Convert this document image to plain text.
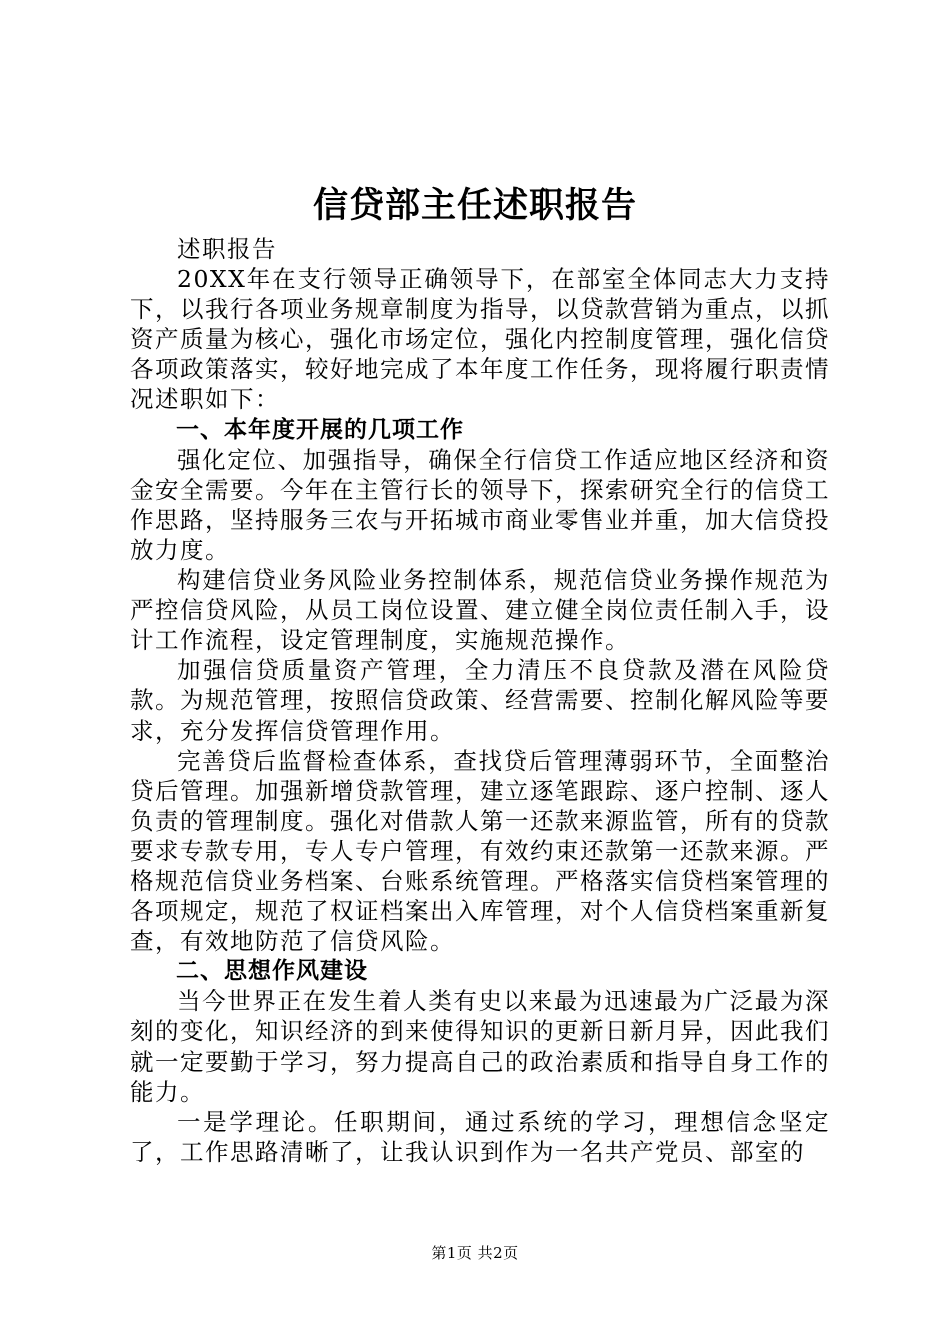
信贷部主任述职报告

述职报告

20XX年在支行领导正确领导下，在部室全体同志大力支持下，以我行各项业务规章制度为指导，以贷款营销为重点，以抓资产质量为核心，强化市场定位，强化内控制度管理，强化信贷各项政策落实，较好地完成了本年度工作任务，现将履行职责情况述职如下：

一、本年度开展的几项工作

强化定位、加强指导，确保全行信贷工作适应地区经济和资金安全需要。今年在主管行长的领导下，探索研究全行的信贷工作思路，坚持服务三农与开拓城市商业零售业并重，加大信贷投放力度。

构建信贷业务风险业务控制体系，规范信贷业务操作规范为严控信贷风险，从员工岗位设置、建立健全岗位责任制入手，设计工作流程，设定管理制度，实施规范操作。

加强信贷质量资产管理，全力清压不良贷款及潜在风险贷款。为规范管理，按照信贷政策、经营需要、控制化解风险等要求，充分发挥信贷管理作用。

完善贷后监督检查体系，查找贷后管理薄弱环节，全面整治贷后管理。加强新增贷款管理，建立逐笔跟踪、逐户控制、逐人负责的管理制度。强化对借款人第一还款来源监管，所有的贷款要求专款专用，专人专户管理，有效约束还款第一还款来源。严格规范信贷业务档案、台账系统管理。严格落实信贷档案管理的各项规定，规范了权证档案出入库管理，对个人信贷档案重新复查，有效地防范了信贷风险。

二、思想作风建设

当今世界正在发生着人类有史以来最为迅速最为广泛最为深刻的变化，知识经济的到来使得知识的更新日新月异，因此我们就一定要勤于学习，努力提高自己的政治素质和指导自身工作的能力。

一是学理论。任职期间，通过系统的学习，理想信念坚定了，工作思路清晰了，让我认识到作为一名共产党员、部室的

第1页 共2页
